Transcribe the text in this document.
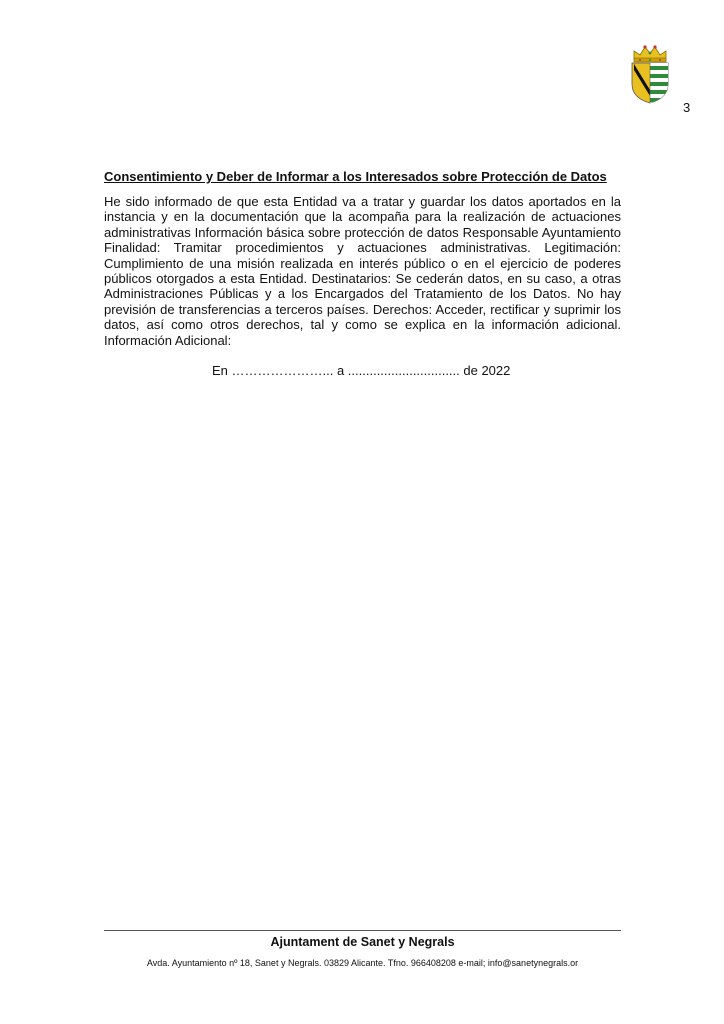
3
Consentimiento y Deber de Informar a los Interesados sobre Protección de Datos

He sido informado de que esta Entidad va a tratar y guardar los datos aportados en la instancia y en la documentación que la acompaña para la realización de actuaciones administrativas Información básica sobre protección de datos Responsable Ayuntamiento Finalidad: Tramitar procedimientos y actuaciones administrativas. Legitimación: Cumplimiento de una misión realizada en interés público o en el ejercicio de poderes públicos otorgados a esta Entidad. Destinatarios: Se cederán datos, en su caso, a otras Administraciones Públicas y a los Encargados del Tratamiento de los Datos. No hay previsión de transferencias a terceros países. Derechos: Acceder, rectificar y suprimir los datos, así como otros derechos, tal y como se explica en la información adicional. Información Adicional:

En …………………... a ............................... de 2022
Ajuntament de Sanet y Negrals
Avda. Ayuntamiento nº 18, Sanet y Negrals. 03829 Alicante. Tfno. 966408208 e-mail; info@sanetynegrals.or
